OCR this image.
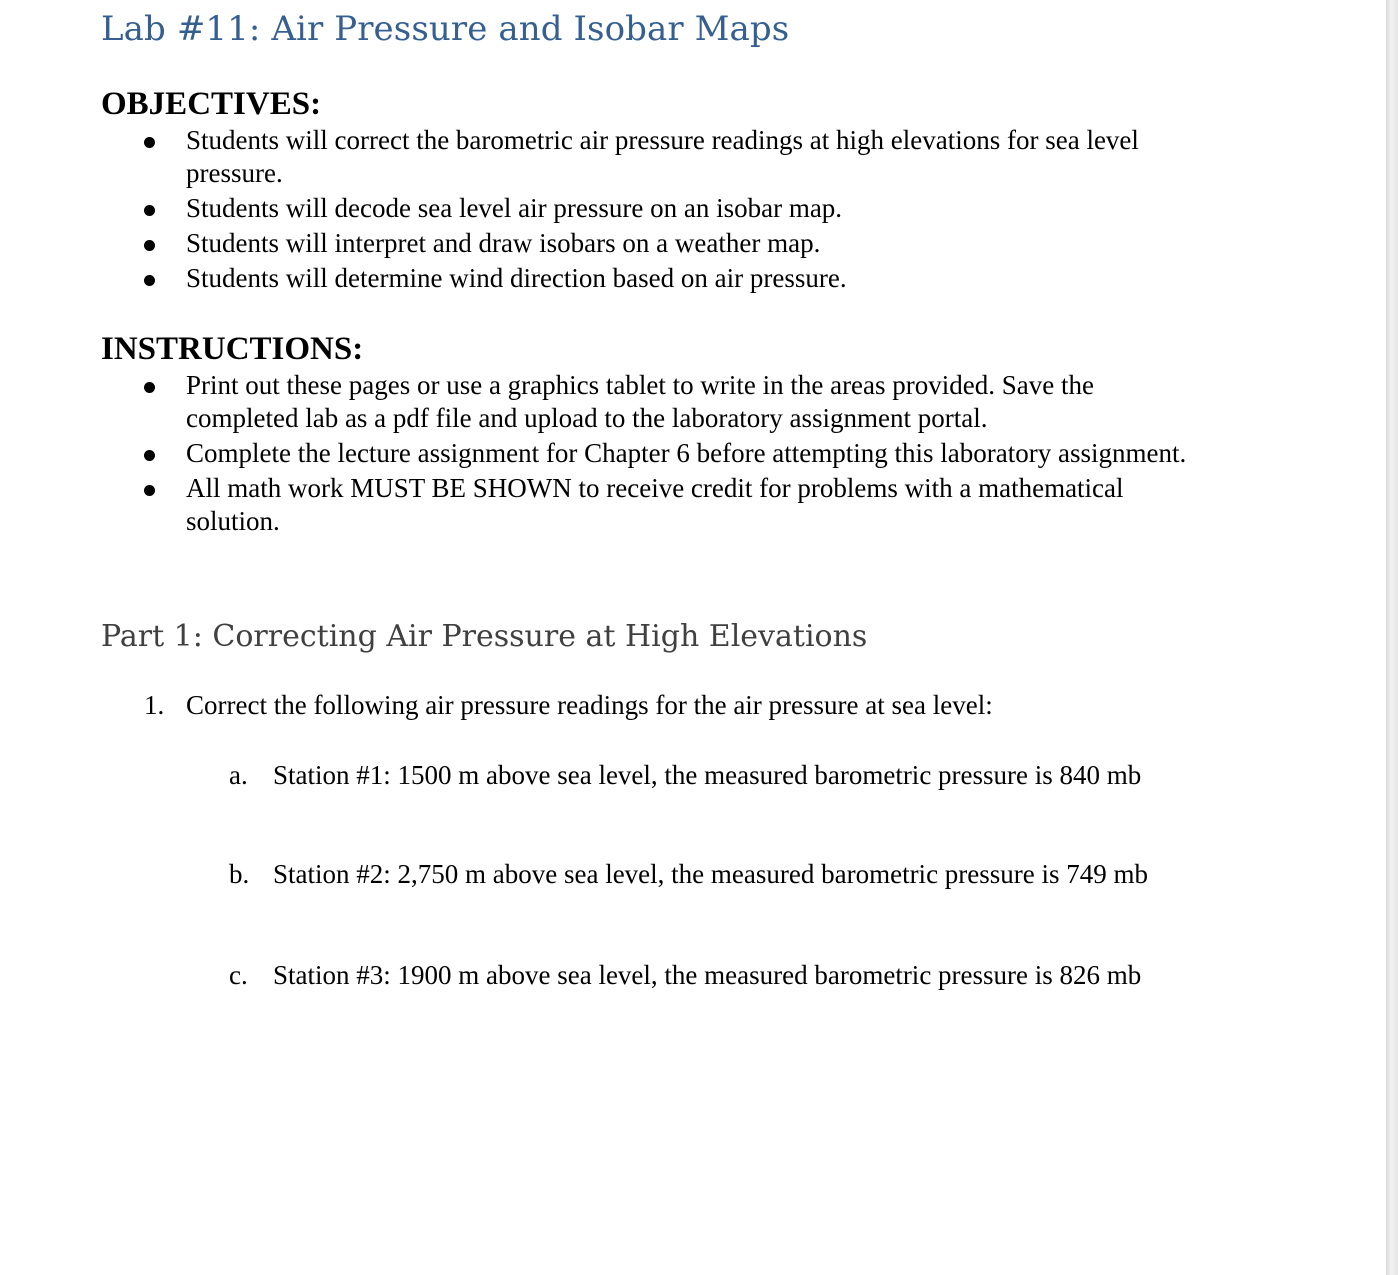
Lab #11: Air Pressure and Isobar Maps
OBJECTIVES:
Students will correct the barometric air pressure readings at high elevations for sea level pressure.
Students will decode sea level air pressure on an isobar map.
Students will interpret and draw isobars on a weather map.
Students will determine wind direction based on air pressure.
INSTRUCTIONS:
Print out these pages or use a graphics tablet to write in the areas provided. Save the completed lab as a pdf file and upload to the laboratory assignment portal.
Complete the lecture assignment for Chapter 6 before attempting this laboratory assignment.
All math work MUST BE SHOWN to receive credit for problems with a mathematical solution.
Part 1: Correcting Air Pressure at High Elevations
1. Correct the following air pressure readings for the air pressure at sea level:
a. Station #1: 1500 m above sea level, the measured barometric pressure is 840 mb
b. Station #2: 2,750 m above sea level, the measured barometric pressure is 749 mb
c. Station #3: 1900 m above sea level, the measured barometric pressure is 826 mb
